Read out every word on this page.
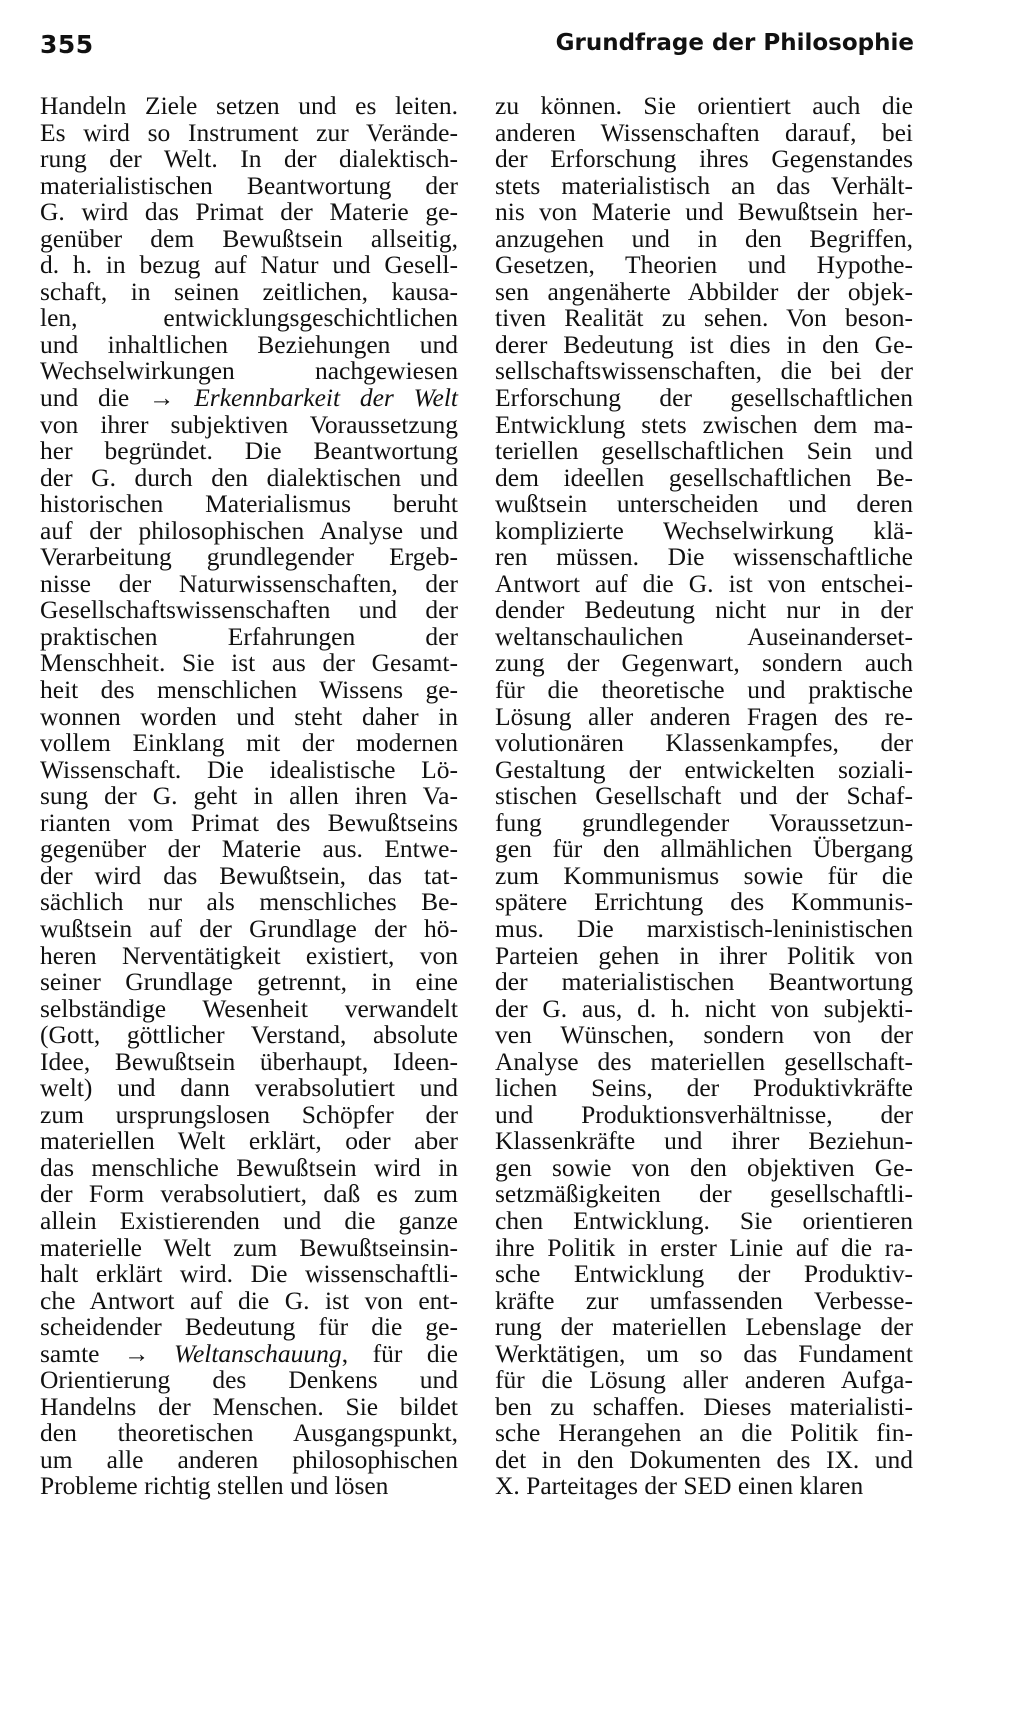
355	Grundfrage der Philosophie
Handeln Ziele setzen und es leiten.
Es wird so Instrument zur Verände-
rung der Welt. In der dialektisch-
materialistischen Beantwortung der
G. wird das Primat der Materie ge-
genüber dem Bewußtsein allseitig,
d. h. in bezug auf Natur und Gesell-
schaft, in seinen zeitlichen, kausa-
len, entwicklungsgeschichtlichen
und inhaltlichen Beziehungen und
Wechselwirkungen nachgewiesen
und die → Erkennbarkeit der Welt
von ihrer subjektiven Voraussetzung
her begründet. Die Beantwortung
der G. durch den dialektischen und
historischen Materialismus beruht
auf der philosophischen Analyse und
Verarbeitung grundlegender Ergeb-
nisse der Naturwissenschaften, der
Gesellschaftswissenschaften und der
praktischen Erfahrungen der
Menschheit. Sie ist aus der Gesamt-
heit des menschlichen Wissens ge-
wonnen worden und steht daher in
vollem Einklang mit der modernen
Wissenschaft. Die idealistische Lö-
sung der G. geht in allen ihren Va-
rianten vom Primat des Bewußtseins
gegenüber der Materie aus. Entwe-
der wird das Bewußtsein, das tat-
sächlich nur als menschliches Be-
wußtsein auf der Grundlage der hö-
heren Nerventätigkeit existiert, von
seiner Grundlage getrennt, in eine
selbständige Wesenheit verwandelt
(Gott, göttlicher Verstand, absolute
Idee, Bewußtsein überhaupt, Ideen-
welt) und dann verabsolutiert und
zum ursprungslosen Schöpfer der
materiellen Welt erklärt, oder aber
das menschliche Bewußtsein wird in
der Form verabsolutiert, daß es zum
allein Existierenden und die ganze
materielle Welt zum Bewußtseinsin-
halt erklärt wird. Die wissenschaftli-
che Antwort auf die G. ist von ent-
scheidender Bedeutung für die ge-
samte → Weltanschauung, für die
Orientierung des Denkens und
Handelns der Menschen. Sie bildet
den theoretischen Ausgangspunkt,
um alle anderen philosophischen
Probleme richtig stellen und lösen
zu können. Sie orientiert auch die
anderen Wissenschaften darauf, bei
der Erforschung ihres Gegenstandes
stets materialistisch an das Verhält-
nis von Materie und Bewußtsein her-
anzugehen und in den Begriffen,
Gesetzen, Theorien und Hypothe-
sen angenäherte Abbilder der objek-
tiven Realität zu sehen. Von beson-
derer Bedeutung ist dies in den Ge-
sellschaftswissenschaften, die bei der
Erforschung der gesellschaftlichen
Entwicklung stets zwischen dem ma-
teriellen gesellschaftlichen Sein und
dem ideellen gesellschaftlichen Be-
wußtsein unterscheiden und deren
komplizierte Wechselwirkung klä-
ren müssen. Die wissenschaftliche
Antwort auf die G. ist von entschei-
dender Bedeutung nicht nur in der
weltanschaulichen Auseinanderset-
zung der Gegenwart, sondern auch
für die theoretische und praktische
Lösung aller anderen Fragen des re-
volutionären Klassenkampfes, der
Gestaltung der entwickelten soziali-
stischen Gesellschaft und der Schaf-
fung grundlegender Voraussetzun-
gen für den allmählichen Übergang
zum Kommunismus sowie für die
spätere Errichtung des Kommunis-
mus. Die marxistisch-leninistischen
Parteien gehen in ihrer Politik von
der materialistischen Beantwortung
der G. aus, d. h. nicht von subjekti-
ven Wünschen, sondern von der
Analyse des materiellen gesellschaft-
lichen Seins, der Produktivkräfte
und Produktionsverhältnisse, der
Klassenkräfte und ihrer Beziehun-
gen sowie von den objektiven Ge-
setzmäßigkeiten der gesellschaftli-
chen Entwicklung. Sie orientieren
ihre Politik in erster Linie auf die ra-
sche Entwicklung der Produktiv-
kräfte zur umfassenden Verbesse-
rung der materiellen Lebenslage der
Werktätigen, um so das Fundament
für die Lösung aller anderen Aufga-
ben zu schaffen. Dieses materialisti-
sche Herangehen an die Politik fin-
det in den Dokumenten des IX. und
X. Parteitages der SED einen klaren
